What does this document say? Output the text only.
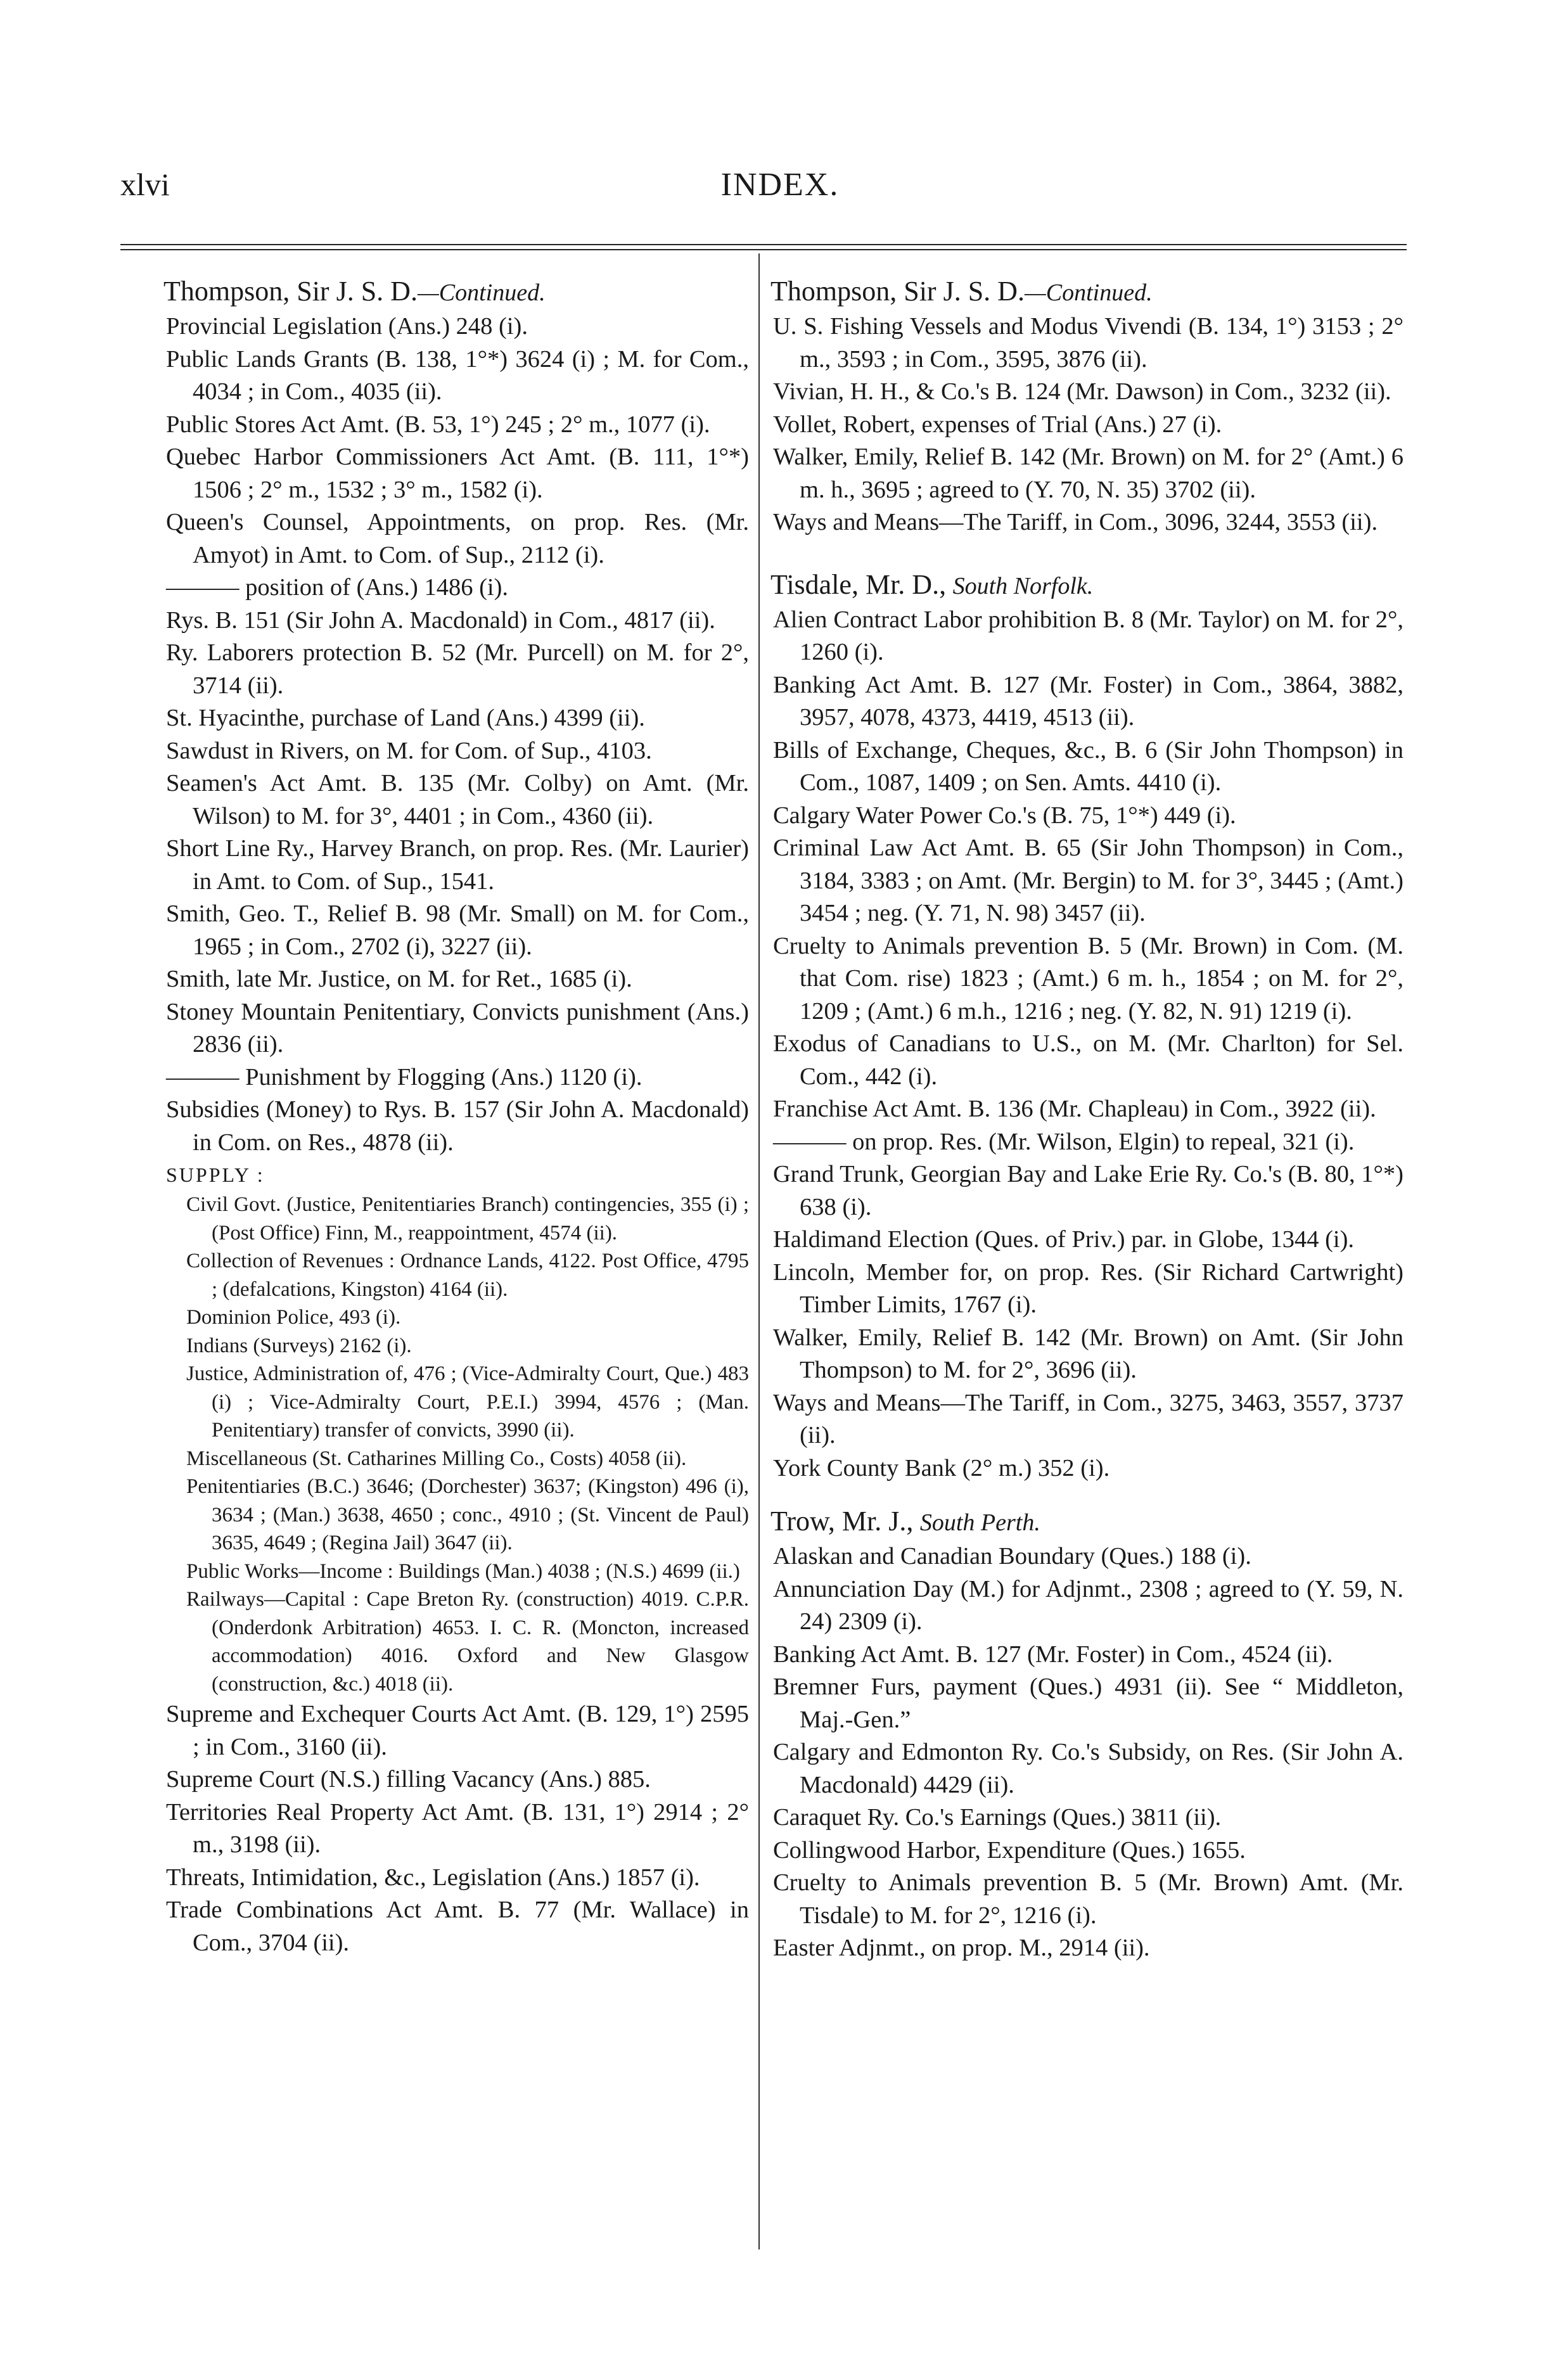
xlvi	INDEX.
Thompson, Sir J. S. D.—Continued.
Provincial Legislation (Ans.) 248 (i).
Public Lands Grants (B. 138, 1°*) 3624 (i) ; M. for Com., 4034 ; in Com., 4035 (ii).
Public Stores Act Amt. (B. 53, 1°) 245 ; 2° m., 1077 (i).
Quebec Harbor Commissioners Act Amt. (B. 111, 1°*) 1506 ; 2° m., 1532 ; 3° m., 1582 (i).
Queen's Counsel, Appointments, on prop. Res. (Mr. Amyot) in Amt. to Com. of Sup., 2112 (i).
——— position of (Ans.) 1486 (i).
Rys. B. 151 (Sir John A. Macdonald) in Com., 4817 (ii).
Ry. Laborers protection B. 52 (Mr. Purcell) on M. for 2°, 3714 (ii).
St. Hyacinthe, purchase of Land (Ans.) 4399 (ii).
Sawdust in Rivers, on M. for Com. of Sup., 4103.
Seamen's Act Amt. B. 135 (Mr. Colby) on Amt. (Mr. Wilson) to M. for 3°, 4401 ; in Com., 4360 (ii).
Short Line Ry., Harvey Branch, on prop. Res. (Mr. Laurier) in Amt. to Com. of Sup., 1541.
Smith, Geo. T., Relief B. 98 (Mr. Small) on M. for Com., 1965 ; in Com., 2702 (i), 3227 (ii).
Smith, late Mr. Justice, on M. for Ret., 1685 (i).
Stoney Mountain Penitentiary, Convicts punishment (Ans.) 2836 (ii).
——— Punishment by Flogging (Ans.) 1120 (i).
Subsidies (Money) to Rys. B. 157 (Sir John A. Macdonald) in Com. on Res., 4878 (ii).
SUPPLY :
Civil Govt. (Justice, Penitentiaries Branch) contingencies, 355 (i) ; (Post Office) Finn, M., reappointment, 4574 (ii).
Collection of Revenues : Ordnance Lands, 4122. Post Office, 4795 ; (defalcations, Kingston) 4164 (ii).
Dominion Police, 493 (i).
Indians (Surveys) 2162 (i).
Justice, Administration of, 476 ; (Vice-Admiralty Court, Que.) 483 (i) ; Vice-Admiralty Court, P.E.I.) 3994, 4576 ; (Man. Penitentiary) transfer of convicts, 3990 (ii).
Miscellaneous (St. Catharines Milling Co., Costs) 4058 (ii).
Penitentiaries (B.C.) 3646; (Dorchester) 3637; (Kingston) 496 (i), 3634 ; (Man.) 3638, 4650 ; conc., 4910 ; (St. Vincent de Paul) 3635, 4649 ; (Regina Jail) 3647 (ii).
Public Works—Income : Buildings (Man.) 4038 ; (N.S.) 4699 (ii.)
Railways—Capital : Cape Breton Ry. (construction) 4019. C.P.R. (Onderdonk Arbitration) 4653. I. C. R. (Moncton, increased accommodation) 4016. Oxford and New Glasgow (construction, &c.) 4018 (ii).
Supreme and Exchequer Courts Act Amt. (B. 129, 1°) 2595 ; in Com., 3160 (ii).
Supreme Court (N.S.) filling Vacancy (Ans.) 885.
Territories Real Property Act Amt. (B. 131, 1°) 2914 ; 2° m., 3198 (ii).
Threats, Intimidation, &c., Legislation (Ans.) 1857 (i).
Trade Combinations Act Amt. B. 77 (Mr. Wallace) in Com., 3704 (ii).
Thompson, Sir J. S. D.—Continued.
U. S. Fishing Vessels and Modus Vivendi (B. 134, 1°) 3153 ; 2° m., 3593 ; in Com., 3595, 3876 (ii).
Vivian, H. H., & Co.'s B. 124 (Mr. Dawson) in Com., 3232 (ii).
Vollet, Robert, expenses of Trial (Ans.) 27 (i).
Walker, Emily, Relief B. 142 (Mr. Brown) on M. for 2° (Amt.) 6 m. h., 3695 ; agreed to (Y. 70, N. 35) 3702 (ii).
Ways and Means—The Tariff, in Com., 3096, 3244, 3553 (ii).
Tisdale, Mr. D., South Norfolk.
Alien Contract Labor prohibition B. 8 (Mr. Taylor) on M. for 2°, 1260 (i).
Banking Act Amt. B. 127 (Mr. Foster) in Com., 3864, 3882, 3957, 4078, 4373, 4419, 4513 (ii).
Bills of Exchange, Cheques, &c., B. 6 (Sir John Thompson) in Com., 1087, 1409 ; on Sen. Amts. 4410 (i).
Calgary Water Power Co.'s (B. 75, 1°*) 449 (i).
Criminal Law Act Amt. B. 65 (Sir John Thompson) in Com., 3184, 3383 ; on Amt. (Mr. Bergin) to M. for 3°, 3445 ; (Amt.) 3454 ; neg. (Y. 71, N. 98) 3457 (ii).
Cruelty to Animals prevention B. 5 (Mr. Brown) in Com. (M. that Com. rise) 1823 ; (Amt.) 6 m. h., 1854 ; on M. for 2°, 1209 ; (Amt.) 6 m.h., 1216 ; neg. (Y. 82, N. 91) 1219 (i).
Exodus of Canadians to U.S., on M. (Mr. Charlton) for Sel. Com., 442 (i).
Franchise Act Amt. B. 136 (Mr. Chapleau) in Com., 3922 (ii).
——— on prop. Res. (Mr. Wilson, Elgin) to repeal, 321 (i).
Grand Trunk, Georgian Bay and Lake Erie Ry. Co.'s (B. 80, 1°*) 638 (i).
Haldimand Election (Ques. of Priv.) par. in Globe, 1344 (i).
Lincoln, Member for, on prop. Res. (Sir Richard Cartwright) Timber Limits, 1767 (i).
Walker, Emily, Relief B. 142 (Mr. Brown) on Amt. (Sir John Thompson) to M. for 2°, 3696 (ii).
Ways and Means—The Tariff, in Com., 3275, 3463, 3557, 3737 (ii).
York County Bank (2° m.) 352 (i).
Trow, Mr. J., South Perth.
Alaskan and Canadian Boundary (Ques.) 188 (i).
Annunciation Day (M.) for Adjnmt., 2308 ; agreed to (Y. 59, N. 24) 2309 (i).
Banking Act Amt. B. 127 (Mr. Foster) in Com., 4524 (ii).
Bremner Furs, payment (Ques.) 4931 (ii). See “ Middleton, Maj.-Gen.”
Calgary and Edmonton Ry. Co.'s Subsidy, on Res. (Sir John A. Macdonald) 4429 (ii).
Caraquet Ry. Co.'s Earnings (Ques.) 3811 (ii).
Collingwood Harbor, Expenditure (Ques.) 1655.
Cruelty to Animals prevention B. 5 (Mr. Brown) Amt. (Mr. Tisdale) to M. for 2°, 1216 (i).
Easter Adjnmt., on prop. M., 2914 (ii).
